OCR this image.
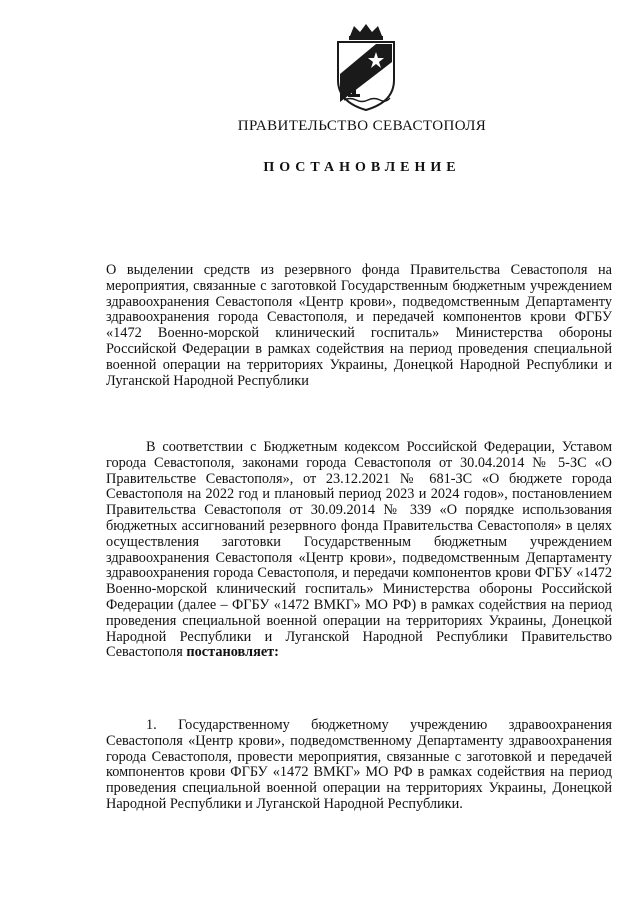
ПРАВИТЕЛЬСТВО СЕВАСТОПОЛЯ
ПОСТАНОВЛЕНИЕ

О выделении средств из резервного фонда Правительства Севастополя на мероприятия, связанные с заготовкой Государственным бюджетным учреждением здравоохранения Севастополя «Центр крови», подведомственным Департаменту здравоохранения города Севастополя, и передачей компонентов крови ФГБУ «1472 Военно-морской клинический госпиталь» Министерства обороны Российской Федерации в рамках содействия на период проведения специальной военной операции на территориях Украины, Донецкой Народной Республики и Луганской Народной Республики

В соответствии с Бюджетным кодексом Российской Федерации, Уставом города Севастополя, законами города Севастополя от 30.04.2014 № 5-ЗС «О Правительстве Севастополя», от 23.12.2021 № 681-ЗС «О бюджете города Севастополя на 2022 год и плановый период 2023 и 2024 годов», постановлением Правительства Севастополя от 30.09.2014 № 339 «О порядке использования бюджетных ассигнований резервного фонда Правительства Севастополя» в целях осуществления заготовки Государственным бюджетным учреждением здравоохранения Севастополя «Центр крови», подведомственным Департаменту здравоохранения города Севастополя, и передачи компонентов крови ФГБУ «1472 Военно-морской клинический госпиталь» Министерства обороны Российской Федерации (далее – ФГБУ «1472 ВМКГ» МО РФ) в рамках содействия на период проведения специальной военной операции на территориях Украины, Донецкой Народной Республики и Луганской Народной Республики Правительство Севастополя постановляет:

1. Государственному бюджетному учреждению здравоохранения Севастополя «Центр крови», подведомственному Департаменту здравоохранения города Севастополя, провести мероприятия, связанные с заготовкой и передачей компонентов крови ФГБУ «1472 ВМКГ» МО РФ в рамках содействия на период проведения специальной военной операции на территориях Украины, Донецкой Народной Республики и Луганской Народной Республики.
